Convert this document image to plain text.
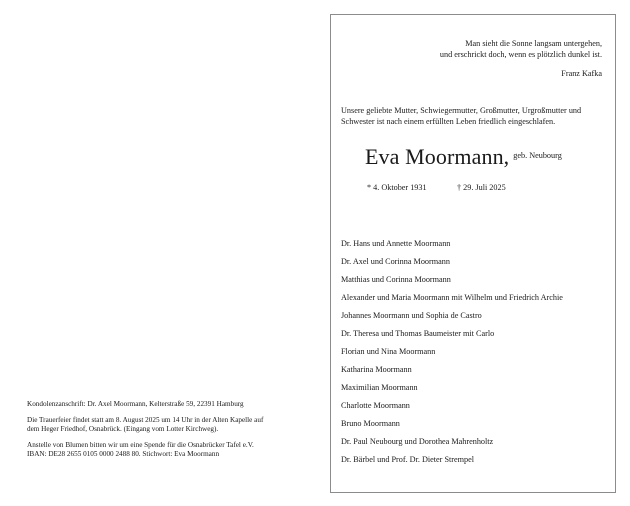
Kondolenzanschrift: Dr. Axel Moormann, Kelterstraße 59, 22391 Hamburg

Die Trauerfeier findet statt am 8. August 2025 um 14 Uhr in der Alten Kapelle auf
dem Heger Friedhof, Osnabrück. (Eingang vom Lotter Kirchweg).

Anstelle von Blumen bitten wir um eine Spende für die Osnabrücker Tafel e.V.
IBAN: DE28 2655 0105 0000 2488 80. Stichwort: Eva Moormann

Man sieht die Sonne langsam untergehen,
und erschrickt doch, wenn es plötzlich dunkel ist.
Franz Kafka
Unsere geliebte Mutter, Schwiegermutter, Großmutter, Urgroßmutter und
Schwester ist nach einem erfüllten Leben friedlich eingeschlafen.
Eva Moormann, $^{geb. Neubourg}$
* 4. Oktober 1931	† 29. Juli 2025
Dr. Hans und Annette Moormann
Dr. Axel und Corinna Moormann
Matthias und Corinna Moormann
Alexander und Maria Moormann mit Wilhelm und Friedrich Archie
Johannes Moormann und Sophia de Castro
Dr. Theresa und Thomas Baumeister mit Carlo
Florian und Nina Moormann
Katharina Moormann
Maximilian Moormann
Charlotte Moormann
Bruno Moormann
Dr. Paul Neubourg und Dorothea Mahrenholtz
Dr. Bärbel und Prof. Dr. Dieter Strempel
